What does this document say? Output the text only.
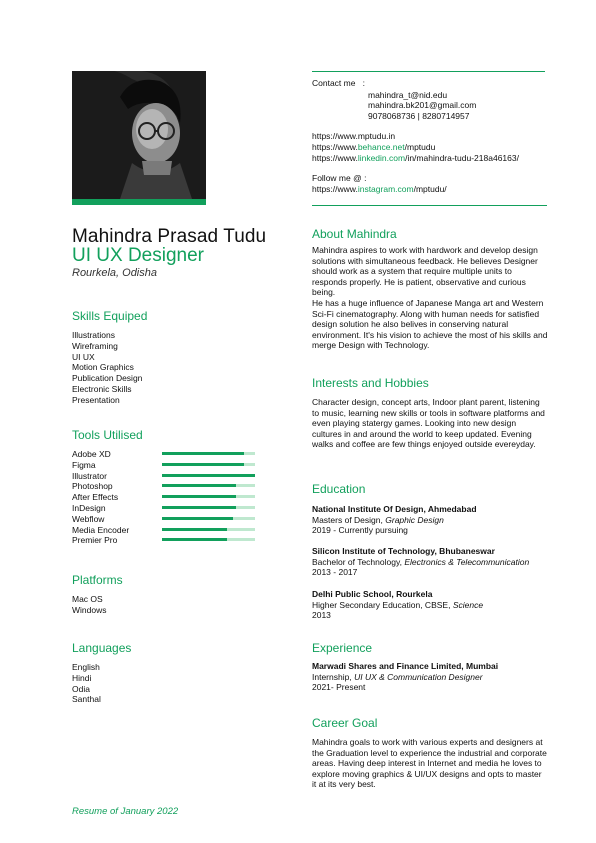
Mahindra Prasad Tudu
UI UX Designer
Rourkela, Odisha
Skills Equiped
Illustrations
Wireframing
UI UX
Motion Graphics
Publication Design
Electronic Skills
Presentation
Tools Utilised
Adobe XD
Figma
Illustrator
Photoshop
After Effects
InDesign
Webflow
Media Encoder
Premier Pro
Platforms
Mac OS
Windows
Languages
English
Hindi
Odia
Santhal
Resume of January 2022
Contact me :
mahindra_t@nid.edu
mahindra.bk201@gmail.com
9078068736 | 8280714957
https://www.mptudu.in
https://www.behance.net/mptudu
https://www.linkedin.com/in/mahindra-tudu-218a46163/
Follow me @ :
https://www.instagram.com/mptudu/
About Mahindra
Mahindra aspires to work with hardwork and develop design solutions with simultaneous feedback. He believes Designer should work as a system that require multiple units to responds properly. He is patient, observative and curious being.
He has a huge influence of Japanese Manga art and Western Sci-Fi cinematography. Along with human needs for satisfied design solution he also belives in conserving natural environment. It's his vision to achieve the most of his skills and merge Design with Technology.
Interests and Hobbies
Character design, concept arts, Indoor plant parent, listening to music, learning new skills or tools in software platforms and even playing statergy games. Looking into new design cultures in and around the world to keep updated. Evening walks and coffee are few things enjoyed outside evereyday.
Education
National Institute Of Design, Ahmedabad
Masters of Design, Graphic Design
2019 - Currently pursuing
Silicon Institute of Technology, Bhubaneswar
Bachelor of Technology, Electronics & Telecommunication
2013 - 2017
Delhi Public School, Rourkela
Higher Secondary Education, CBSE, Science
2013
Experience
Marwadi Shares and Finance Limited, Mumbai
Internship, UI UX & Communication Designer
2021- Present
Career Goal
Mahindra goals to work with various experts and designers at the Graduation level to experience the industrial and corporate areas. Having deep interest in Internet and media he loves to explore moving graphics & UI/UX designs and opts to master it at its very best.
